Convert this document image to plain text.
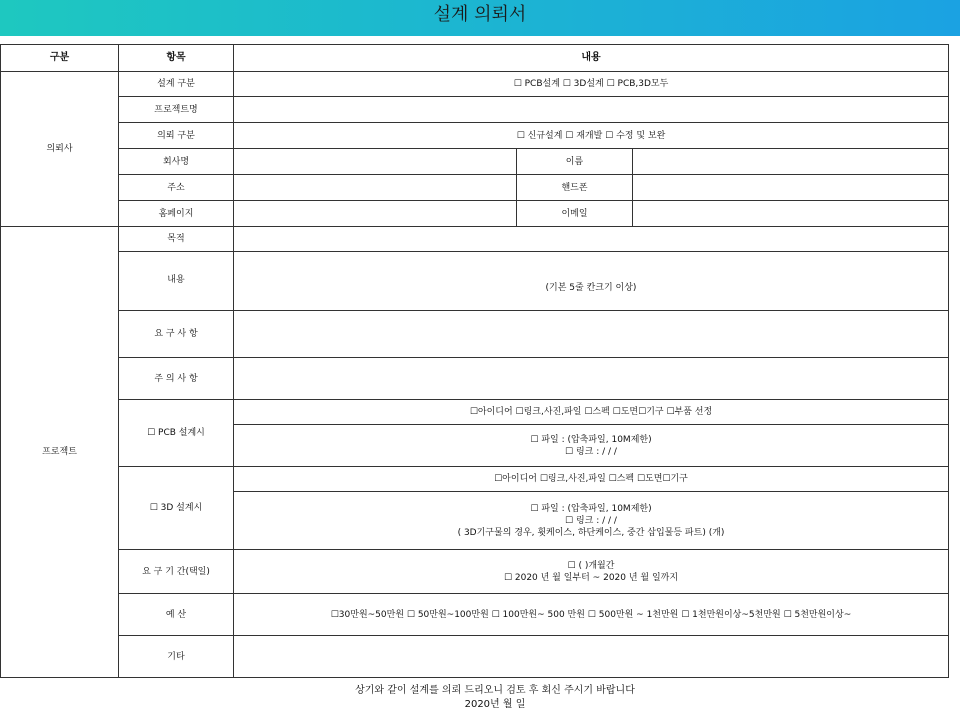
설계 의뢰서
구분	항목	내용		
의뢰사	설계 구분	☐ PCB설계 ☐ 3D설계 ☐ PCB,3D모두		
	프로젝트명			
	의뢰 구분	☐ 신규설계 ☐ 재개발 ☐ 수정 및 보완		
	회사명		이름	
	주소		핸드폰	
	홈페이지		이메일	
프로젝트	목적			
	내용	(기본 5줄 칸크기 이상)		
	요 구 사 항			
	주 의 사 항			
	☐ PCB 설계시	☐아이디어 ☐링크,사진,파일 ☐스펙 ☐도면☐기구 ☐부품 선정		

		☐ 파일 : (압축파일, 10M제한)
☐ 링크 : / / /		

	☐ 3D 설계시	☐아이디어 ☐링크,사진,파일 ☐스펙 ☐도면☐기구		

		☐ 파일 : (압축파일, 10M제한)
☐ 링크 : / / /
( 3D기구물의 경우, 휫케이스, 하단케이스, 중간 삽입물등 파트) (개)		

	요 구 기 간(택일)	☐ ( )개월간
☐ 2020 년 월 일부터 ~ 2020 년 월 일까지		

	예 산	☐30만원~50만원 ☐ 50만원~100만원 ☐ 100만원~ 500 만원 ☐ 500만원 ~ 1천만원 ☐ 1천만원이상~5천만원 ☐ 5천만원이상~		
	기타			
상기와 같이 설계를 의뢰 드리오니 검토 후 회신 주시기 바랍니다
2020년 월 일
